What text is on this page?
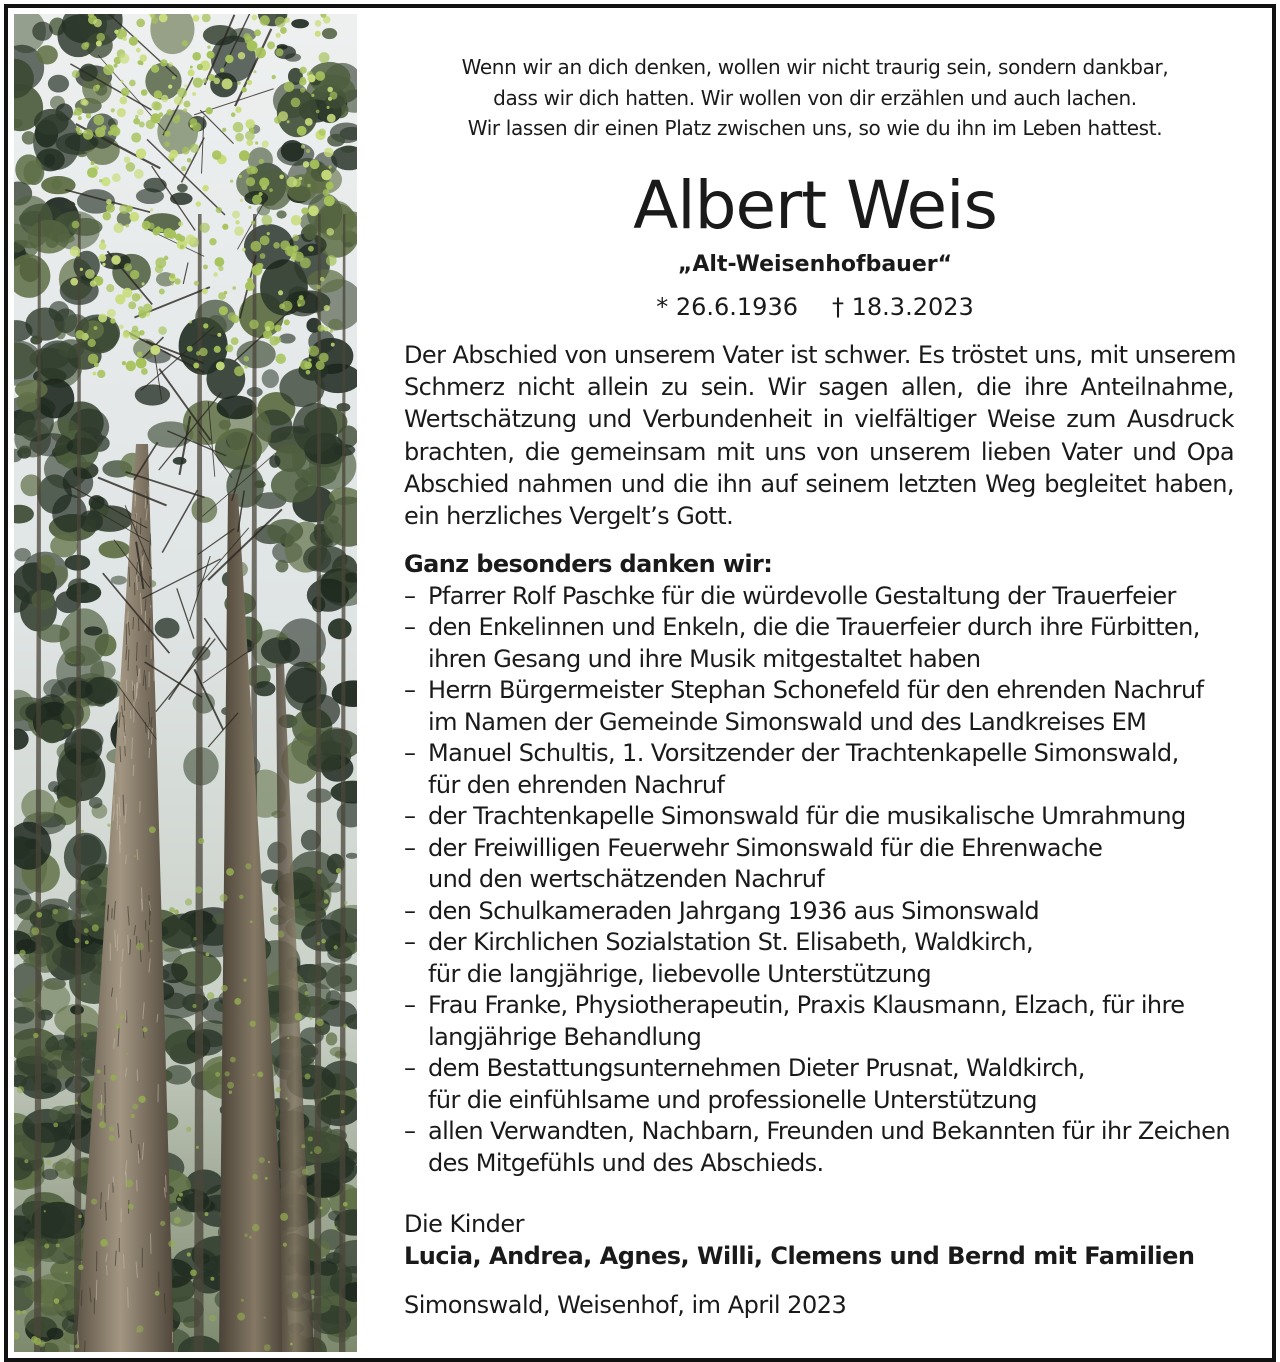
Wenn wir an dich denken, wollen wir nicht traurig sein, sondern dankbar,
dass wir dich hatten. Wir wollen von dir erzählen und auch lachen.
Wir lassen dir einen Platz zwischen uns, so wie du ihn im Leben hattest.
Albert Weis
„Alt-Weisenhofbauer“
* 26.6.1936 † 18.3.2023
Der Abschied von unserem Vater ist schwer. Es tröstet uns, mit unserem
Schmerz nicht allein zu sein. Wir sagen allen, die ihre Anteilnahme,
Wertschätzung und Verbundenheit in vielfältiger Weise zum Ausdruck
brachten, die gemeinsam mit uns von unserem lieben Vater und Opa
Abschied nahmen und die ihn auf seinem letzten Weg begleitet haben,
ein herzliches Vergelt’s Gott.
Ganz besonders danken wir:
– Pfarrer Rolf Paschke für die würdevolle Gestaltung der Trauerfeier
– den Enkelinnen und Enkeln, die die Trauerfeier durch ihre Fürbitten,
ihren Gesang und ihre Musik mitgestaltet haben
– Herrn Bürgermeister Stephan Schonefeld für den ehrenden Nachruf
im Namen der Gemeinde Simonswald und des Landkreises EM
– Manuel Schultis, 1. Vorsitzender der Trachtenkapelle Simonswald,
für den ehrenden Nachruf
– der Trachtenkapelle Simonswald für die musikalische Umrahmung
– der Freiwilligen Feuerwehr Simonswald für die Ehrenwache
und den wertschätzenden Nachruf
– den Schulkameraden Jahrgang 1936 aus Simonswald
– der Kirchlichen Sozialstation St. Elisabeth, Waldkirch,
für die langjährige, liebevolle Unterstützung
– Frau Franke, Physiotherapeutin, Praxis Klausmann, Elzach, für ihre
langjährige Behandlung
– dem Bestattungsunternehmen Dieter Prusnat, Waldkirch,
für die einfühlsame und professionelle Unterstützung
– allen Verwandten, Nachbarn, Freunden und Bekannten für ihr Zeichen
des Mitgefühls und des Abschieds.
Die Kinder
Lucia, Andrea, Agnes, Willi, Clemens und Bernd mit Familien
Simonswald, Weisenhof, im April 2023
